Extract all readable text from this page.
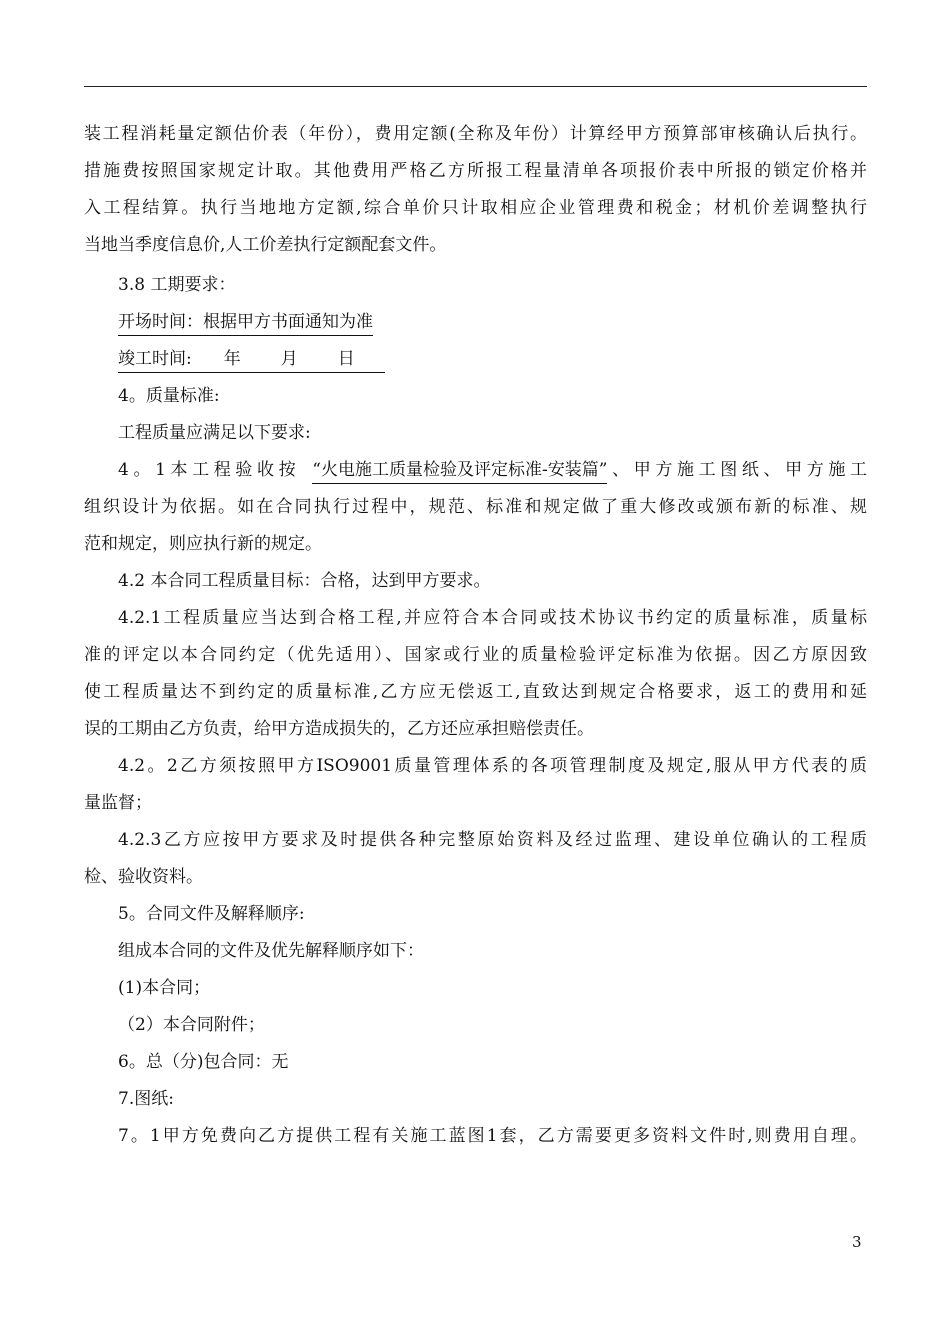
装工程消耗量定额估价表（年份），费用定额(全称及年份）计算经甲方预算部审核确认后执行。
措施费按照国家规定计取。其他费用严格乙方所报工程量清单各项报价表中所报的锁定价格并
入工程结算。执行当地地方定额,综合单价只计取相应企业管理费和税金；材机价差调整执行
当地当季度信息价,人工价差执行定额配套文件。
3.8 工期要求：
开场时间：根据甲方书面通知为准
竣工时间: 年 月 日
4。质量标准:
工程质量应满足以下要求:
4。1本工程验收按 “火电施工质量检验及评定标准-安装篇”、甲方施工图纸、甲方施工
组织设计为依据。如在合同执行过程中，规范、标准和规定做了重大修改或颁布新的标准、规
范和规定，则应执行新的规定。
4.2 本合同工程质量目标：合格，达到甲方要求。
4.2.1工程质量应当达到合格工程,并应符合本合同或技术协议书约定的质量标准，质量标
准的评定以本合同约定（优先适用）、国家或行业的质量检验评定标准为依据。因乙方原因致
使工程质量达不到约定的质量标准,乙方应无偿返工,直致达到规定合格要求，返工的费用和延
误的工期由乙方负责，给甲方造成损失的，乙方还应承担赔偿责任。
4.2。2乙方须按照甲方ISO9001质量管理体系的各项管理制度及规定,服从甲方代表的质
量监督；
4.2.3乙方应按甲方要求及时提供各种完整原始资料及经过监理、建设单位确认的工程质
检、验收资料。
5。合同文件及解释顺序:
组成本合同的文件及优先解释顺序如下：
(1)本合同；
（2）本合同附件；
6。总（分)包合同：无
7.图纸:
7。1甲方免费向乙方提供工程有关施工蓝图1套，乙方需要更多资料文件时,则费用自理。
3
